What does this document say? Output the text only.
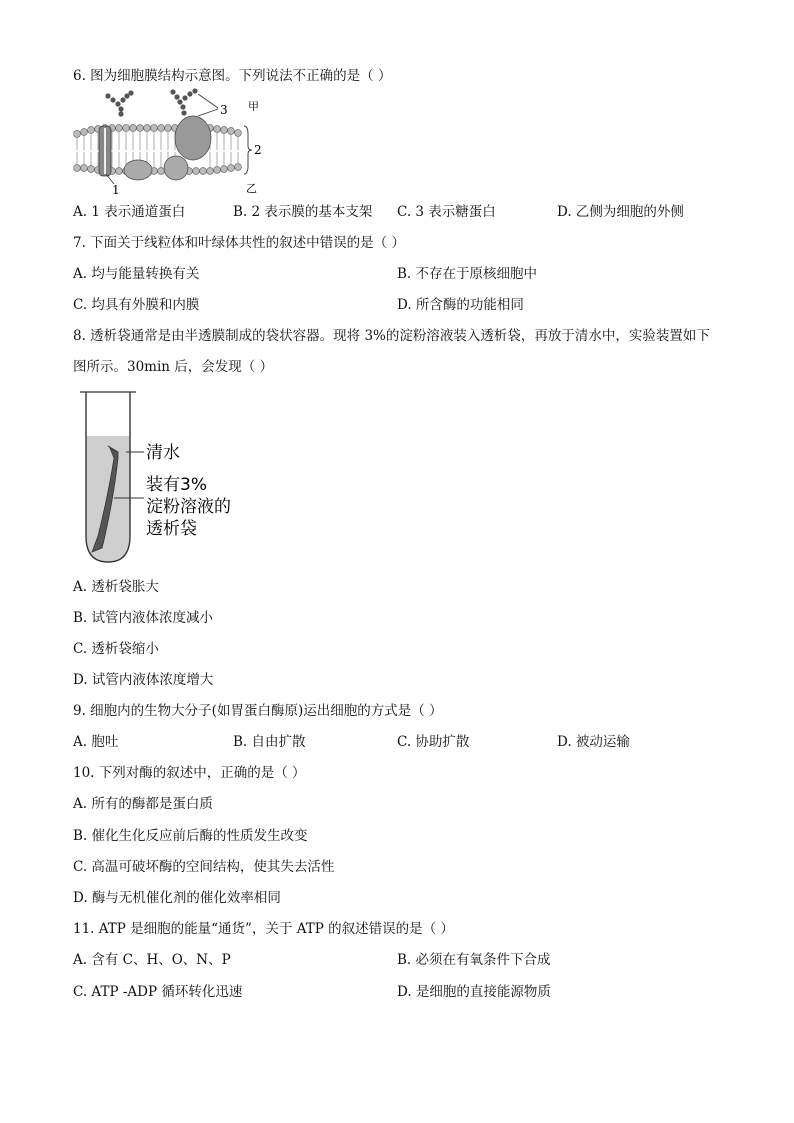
6. 图为细胞膜结构示意图。下列说法不正确的是（ ）
3 甲
1
2
乙
A. 1 表示通道蛋白	B. 2 表示膜的基本支架 C. 3 表示糖蛋白	D. 乙侧为细胞的外侧
7. 下面关于线粒体和叶绿体共性的叙述中错误的是（ ）
A. 均与能量转换有关	B. 不存在于原核细胞中
C. 均具有外膜和内膜	D. 所含酶的功能相同
8. 透析袋通常是由半透膜制成的袋状容器。现将 3%的淀粉溶液装入透析袋，再放于清水中，实验装置如下
图所示。30min 后，会发现（ ）
清水
装有3%
淀粉溶液的
透析袋
A. 透析袋胀大
B. 试管内液体浓度减小
C. 透析袋缩小
D. 试管内液体浓度增大
9. 细胞内的生物大分子(如胃蛋白酶原)运出细胞的方式是（ ）
A. 胞吐	B. 自由扩散	C. 协助扩散	D. 被动运输
10. 下列对酶的叙述中，正确的是（ ）
A. 所有的酶都是蛋白质
B. 催化生化反应前后酶的性质发生改变
C. 高温可破坏酶的空间结构，使其失去活性
D. 酶与无机催化剂的催化效率相同
11. ATP 是细胞的能量“通货”，关于 ATP 的叙述错误的是（ ）
A. 含有 C、H、O、N、P	B. 必须在有氧条件下合成
C. ATP -ADP 循环转化迅速	D. 是细胞的直接能源物质
